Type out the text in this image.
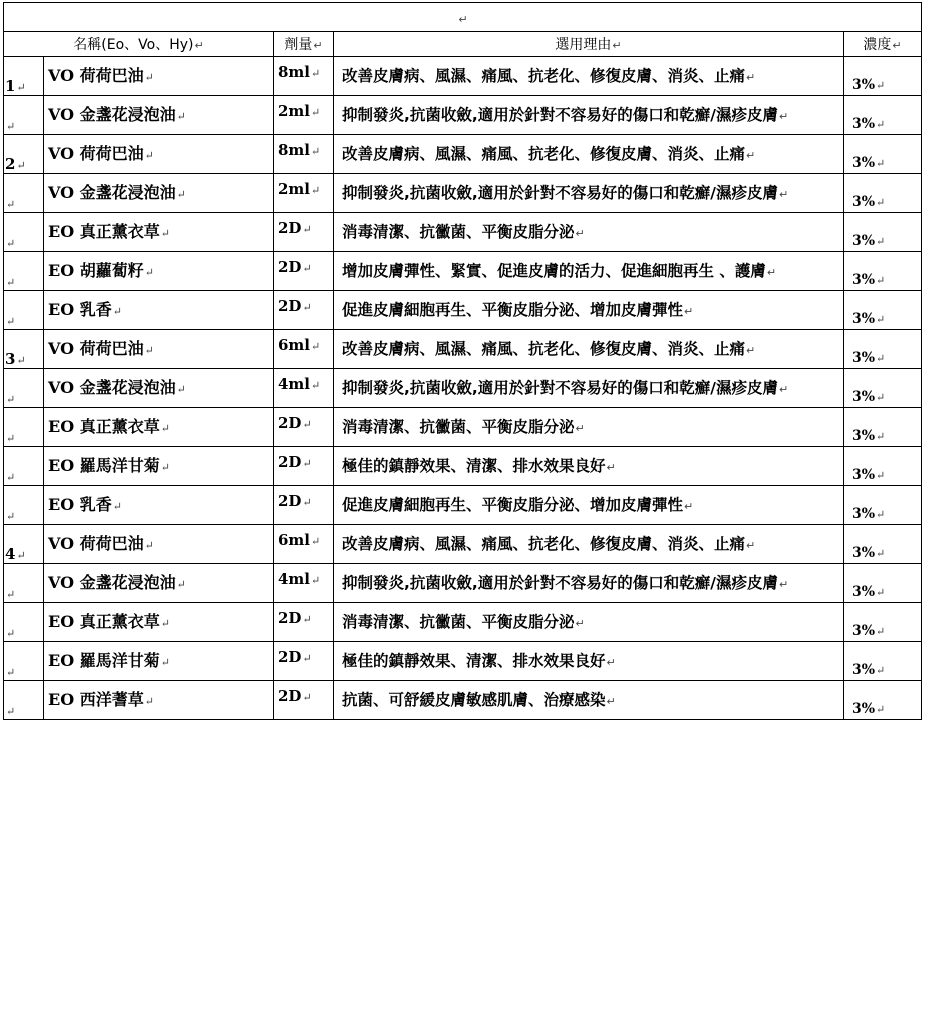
↵				
名稱(Eo、Vo、Hy)↵		劑量↵	選用理由↵	濃度↵
1↵	VO 荷荷巴油↵	8ml↵	改善皮膚病、風濕、痛風、抗老化、修復皮膚、消炎、止痛↵	3%↵
↵	VO 金盞花浸泡油↵	2ml↵	抑制發炎,抗菌收斂,適用於針對不容易好的傷口和乾癬/濕疹皮膚↵	3%↵
2↵	VO 荷荷巴油↵	8ml↵	改善皮膚病、風濕、痛風、抗老化、修復皮膚、消炎、止痛↵	3%↵
↵	VO 金盞花浸泡油↵	2ml↵	抑制發炎,抗菌收斂,適用於針對不容易好的傷口和乾癬/濕疹皮膚↵	3%↵
↵	EO 真正薰衣草↵	2D↵	消毒清潔、抗黴菌、平衡皮脂分泌↵	3%↵
↵	EO 胡蘿蔔籽↵	2D↵	增加皮膚彈性、緊實、促進皮膚的活力、促進細胞再生 、護膚↵	3%↵
↵	EO 乳香↵	2D↵	促進皮膚細胞再生、平衡皮脂分泌、增加皮膚彈性↵	3%↵
3↵	VO 荷荷巴油↵	6ml↵	改善皮膚病、風濕、痛風、抗老化、修復皮膚、消炎、止痛↵	3%↵
↵	VO 金盞花浸泡油↵	4ml↵	抑制發炎,抗菌收斂,適用於針對不容易好的傷口和乾癬/濕疹皮膚↵	3%↵
↵	EO 真正薰衣草↵	2D↵	消毒清潔、抗黴菌、平衡皮脂分泌↵	3%↵
↵	EO 羅馬洋甘菊↵	2D↵	極佳的鎮靜效果、清潔、排水效果良好↵	3%↵
↵	EO 乳香↵	2D↵	促進皮膚細胞再生、平衡皮脂分泌、增加皮膚彈性↵	3%↵
4↵	VO 荷荷巴油↵	6ml↵	改善皮膚病、風濕、痛風、抗老化、修復皮膚、消炎、止痛↵	3%↵
↵	VO 金盞花浸泡油↵	4ml↵	抑制發炎,抗菌收斂,適用於針對不容易好的傷口和乾癬/濕疹皮膚↵	3%↵
↵	EO 真正薰衣草↵	2D↵	消毒清潔、抗黴菌、平衡皮脂分泌↵	3%↵
↵	EO 羅馬洋甘菊↵	2D↵	極佳的鎮靜效果、清潔、排水效果良好↵	3%↵
↵	EO 西洋蓍草↵	2D↵	抗菌、可舒緩皮膚敏感肌膚、治療感染↵	3%↵
